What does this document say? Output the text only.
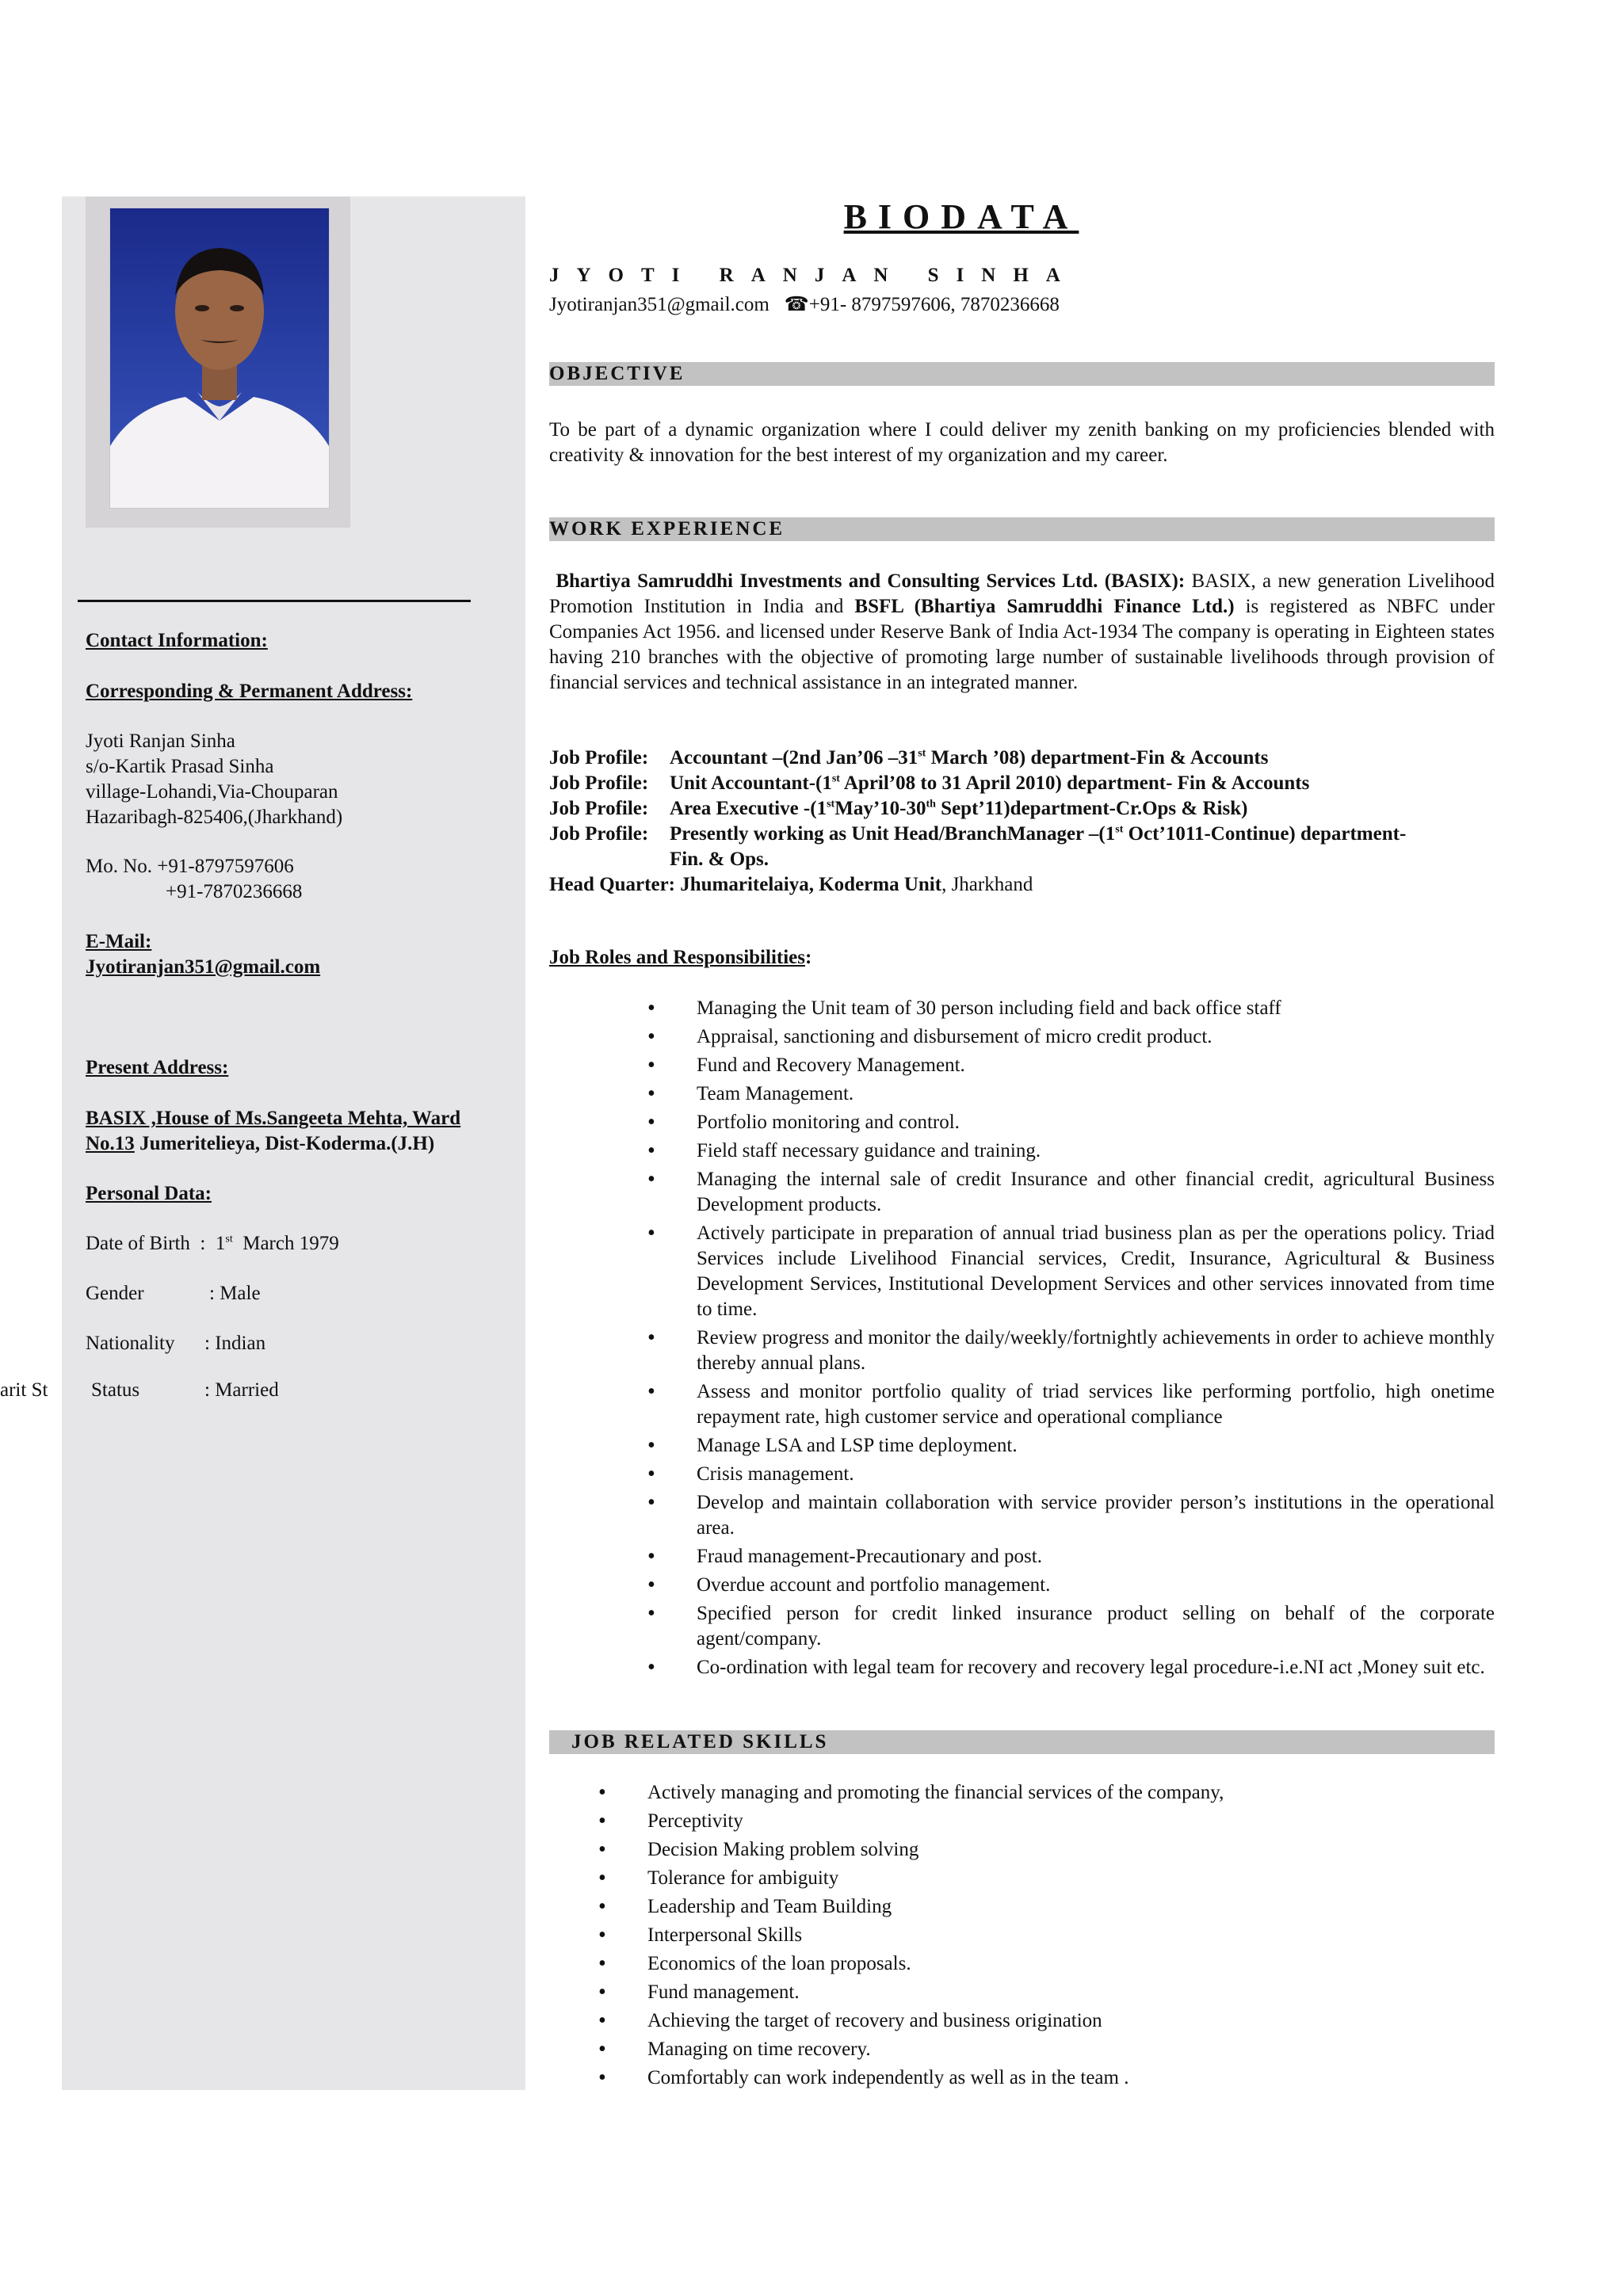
Contact Information:
Corresponding & Permanent Address:
Jyoti Ranjan Sinha
s/o-Kartik Prasad Sinha
village-Lohandi,Via-Chouparan
Hazaribagh-825406,(Jharkhand)
Mo. No. +91-8797597606
+91-7870236668
E-Mail:
Jyotiranjan351@gmail.com
Present Address:
BASIX ,House of Ms.Sangeeta Mehta, Ward
No.13 Jumeritelieya, Dist-Koderma.(J.H)
Personal Data:
Date of Birth  :  1st March 1979
Gender	: Male
Nationality : Indian
arit St Status	: Married
BIODATA
JYOTI RANJAN SINHA
Jyotiranjan351@gmail.com ☎+91- 8797597606, 7870236668
OBJECTIVE
To be part of a dynamic organization where I could deliver my zenith banking on my proficiencies blended with creativity & innovation for the best interest of my organization and my career.
WORK EXPERIENCE
Bhartiya Samruddhi Investments and Consulting Services Ltd. (BASIX): BASIX, a new generation Livelihood Promotion Institution in India and BSFL (Bhartiya Samruddhi Finance Ltd.) is registered as NBFC under Companies Act 1956. and licensed under Reserve Bank of India Act-1934 The company is operating in Eighteen states having 210 branches with the objective of promoting large number of sustainable livelihoods through provision of financial services and technical assistance in an integrated manner.
Job Profile: Accountant –(2nd Jan’06 –31st March ’08) department-Fin & Accounts
Job Profile: Unit Accountant-(1st April’08 to 31 April 2010) department- Fin & Accounts
Job Profile: Area Executive -(1stMay’10-30th Sept’11)department-Cr.Ops & Risk)
Job Profile: Presently working as Unit Head/BranchManager –(1st Oct’1011-Continue) department-
Fin. & Ops.
Head Quarter: Jhumaritelaiya, Koderma Unit, Jharkhand
Job Roles and Responsibilities:
• Managing the Unit team of 30 person including field and back office staff
• Appraisal, sanctioning and disbursement of micro credit product.
• Fund and Recovery Management.
• Team Management.
• Portfolio monitoring and control.
• Field staff necessary guidance and training.
• Managing the internal sale of credit Insurance and other financial credit, agricultural Business Development products.
• Actively participate in preparation of annual triad business plan as per the operations policy. Triad Services include Livelihood Financial services, Credit, Insurance, Agricultural & Business Development Services, Institutional Development Services and other services innovated from time to time.
• Review progress and monitor the daily/weekly/fortnightly achievements in order to achieve monthly thereby annual plans.
• Assess and monitor portfolio quality of triad services like performing portfolio, high onetime repayment rate, high customer service and operational compliance
• Manage LSA and LSP time deployment.
• Crisis management.
• Develop and maintain collaboration with service provider person’s institutions in the operational area.
• Fraud management-Precautionary and post.
• Overdue account and portfolio management.
• Specified person for credit linked insurance product selling on behalf of the corporate agent/company.
• Co-ordination with legal team for recovery and recovery legal procedure-i.e.NI act ,Money suit etc.
JOB RELATED SKILLS
• Actively managing and promoting the financial services of the company,
• Perceptivity
• Decision Making problem solving
• Tolerance for ambiguity
• Leadership and Team Building
• Interpersonal Skills
• Economics of the loan proposals.
• Fund management.
• Achieving the target of recovery and business origination
• Managing on time recovery.
• Comfortably can work independently as well as in the team .
